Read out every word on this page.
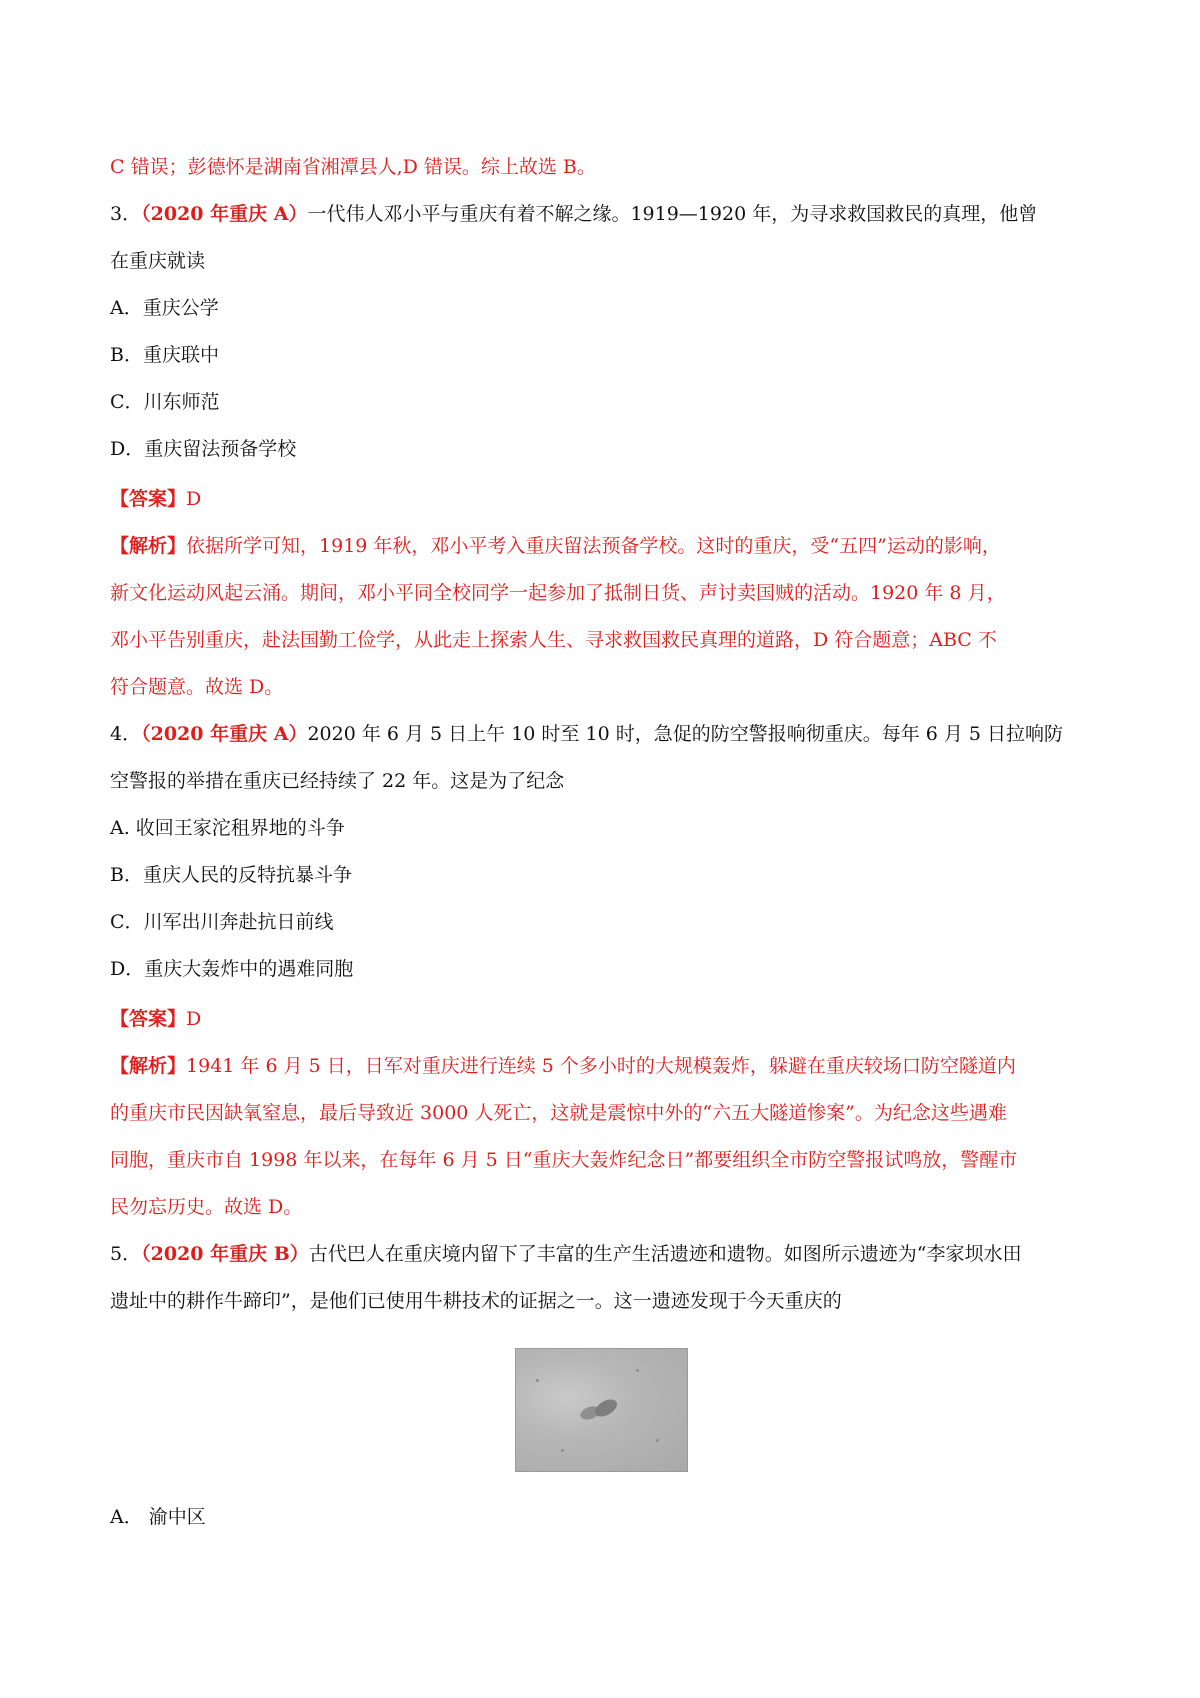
C 错误；彭德怀是湖南省湘潭县人,D 错误。综上故选 B。
3．（2020 年重庆 A）一代伟人邓小平与重庆有着不解之缘。1919—1920 年，为寻求救国救民的真理，他曾
在重庆就读
A．重庆公学
B．重庆联中
C．川东师范
D．重庆留法预备学校
【答案】D
【解析】依据所学可知，1919 年秋，邓小平考入重庆留法预备学校。这时的重庆，受“五四”运动的影响，
新文化运动风起云涌。期间，邓小平同全校同学一起参加了抵制日货、声讨卖国贼的活动。1920 年 8 月，
邓小平告别重庆，赴法国勤工俭学，从此走上探索人生、寻求救国救民真理的道路，D 符合题意；ABC 不
符合题意。故选 D。
4．（2020 年重庆 A）2020 年 6 月 5 日上午 10 时至 10 时，急促的防空警报响彻重庆。每年 6 月 5 日拉响防
空警报的举措在重庆已经持续了 22 年。这是为了纪念
A. 收回王家沱租界地的斗争
B．重庆人民的反特抗暴斗争
C．川军出川奔赴抗日前线
D．重庆大轰炸中的遇难同胞
【答案】D
【解析】1941 年 6 月 5 日，日军对重庆进行连续 5 个多小时的大规模轰炸，躲避在重庆较场口防空隧道内
的重庆市民因缺氧窒息，最后导致近 3000 人死亡，这就是震惊中外的“六五大隧道惨案”。为纪念这些遇难
同胞，重庆市自 1998 年以来，在每年 6 月 5 日“重庆大轰炸纪念日”都要组织全市防空警报试鸣放，警醒市
民勿忘历史。故选 D。
5．（2020 年重庆 B）古代巴人在重庆境内留下了丰富的生产生活遗迹和遗物。如图所示遗迹为“李家坝水田
遗址中的耕作牛蹄印”，是他们已使用牛耕技术的证据之一。这一遗迹发现于今天重庆的
A． 渝中区
